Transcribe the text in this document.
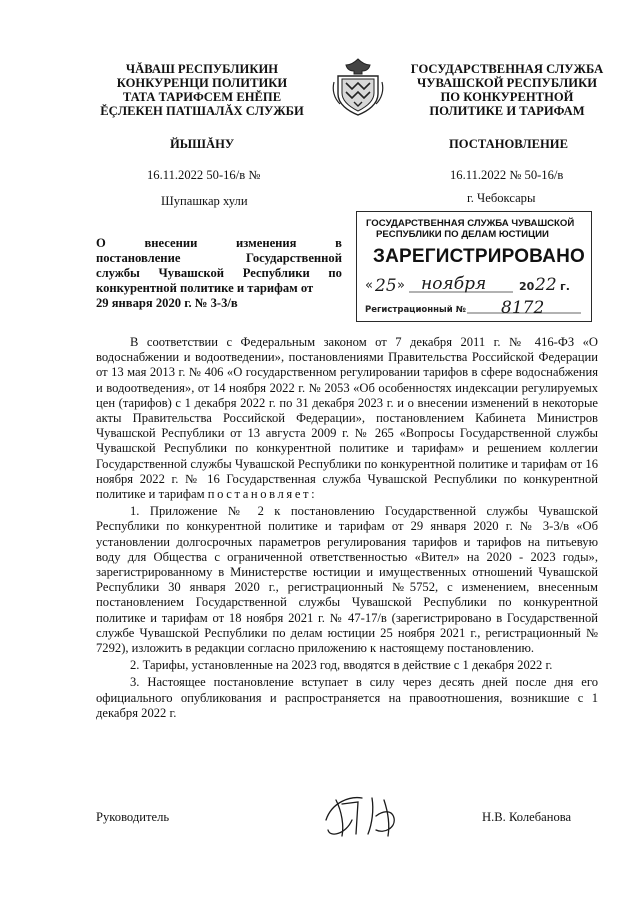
ЧĂВАШ РЕСПУБЛИКИН
КОНКУРЕНЦИ ПОЛИТИКИ
ТАТА ТАРИФСЕМ ЕНĔПЕ
ĔÇЛЕКЕН ПАТШАЛĂХ СЛУЖБИ
ГОСУДАРСТВЕННАЯ СЛУЖБА
ЧУВАШСКОЙ РЕСПУБЛИКИ
ПО КОНКУРЕНТНОЙ
ПОЛИТИКЕ И ТАРИФАМ
ЙЫШĂНУ	ПОСТАНОВЛЕНИЕ
16.11.2022 50-16/в №	16.11.2022 № 50-16/в
Шупашкар хули	г. Чебоксары
О	внесении	изменения	в
постановление	Государственной
службы Чувашской Республики по
конкурентной политике и тарифам от
29 января 2020 г. № 3-3/в
ГОСУДАРСТВЕННАЯ СЛУЖБА ЧУВАШСКОЙ
РЕСПУБЛИКИ ПО ДЕЛАМ ЮСТИЦИИ
ЗАРЕГИСТРИРОВАНО
« 25 » ноября	20 22 г.
Регистрационный № 8172

В соответствии с Федеральным законом от 7 декабря 2011 г. № 416-ФЗ «О водоснабжении и водоотведении», постановлениями Правительства Российской Федерации от 13 мая 2013 г. № 406 «О государственном регулировании тарифов в сфере водоснабжения и водоотведения», от 14 ноября 2022 г. № 2053 «Об особенностях индексации регулируемых цен (тарифов) с 1 декабря 2022 г. по 31 декабря 2023 г. и о внесении изменений в некоторые акты Правительства Российской Федерации», постановлением Кабинета Министров Чувашской Республики от 13 августа 2009 г. № 265 «Вопросы Государственной службы Чувашской Республики по конкурентной политике и тарифам» и решением коллегии Государственной службы Чувашской Республики по конкурентной политике и тарифам от 16 ноября 2022 г. № 16 Государственная служба Чувашской Республики по конкурентной политике и тарифам постановляет:

1. Приложение № 2 к постановлению Государственной службы Чувашской Республики по конкурентной политике и тарифам от 29 января 2020 г. № 3-3/в «Об установлении долгосрочных параметров регулирования тарифов и тарифов на питьевую воду для Общества с ограниченной ответственностью «Вител» на 2020 - 2023 годы», зарегистрированному в Министерстве юстиции и имущественных отношений Чувашской Республики 30 января 2020 г., регистрационный №5752, с изменением, внесенным постановлением Государственной службы Чувашской Республики по конкурентной политике и тарифам от 18 ноября 2021 г. № 47-17/в (зарегистрировано в Государственной службе Чувашской Республики по делам юстиции 25 ноября 2021 г., регистрационный № 7292), изложить в редакции согласно приложению к настоящему постановлению.

2. Тарифы, установленные на 2023 год, вводятся в действие с 1 декабря 2022 г.

3. Настоящее постановление вступает в силу через десять дней после дня его официального опубликования и распространяется на правоотношения, возникшие с 1 декабря 2022 г.

Руководитель	Н.В. Колебанова
